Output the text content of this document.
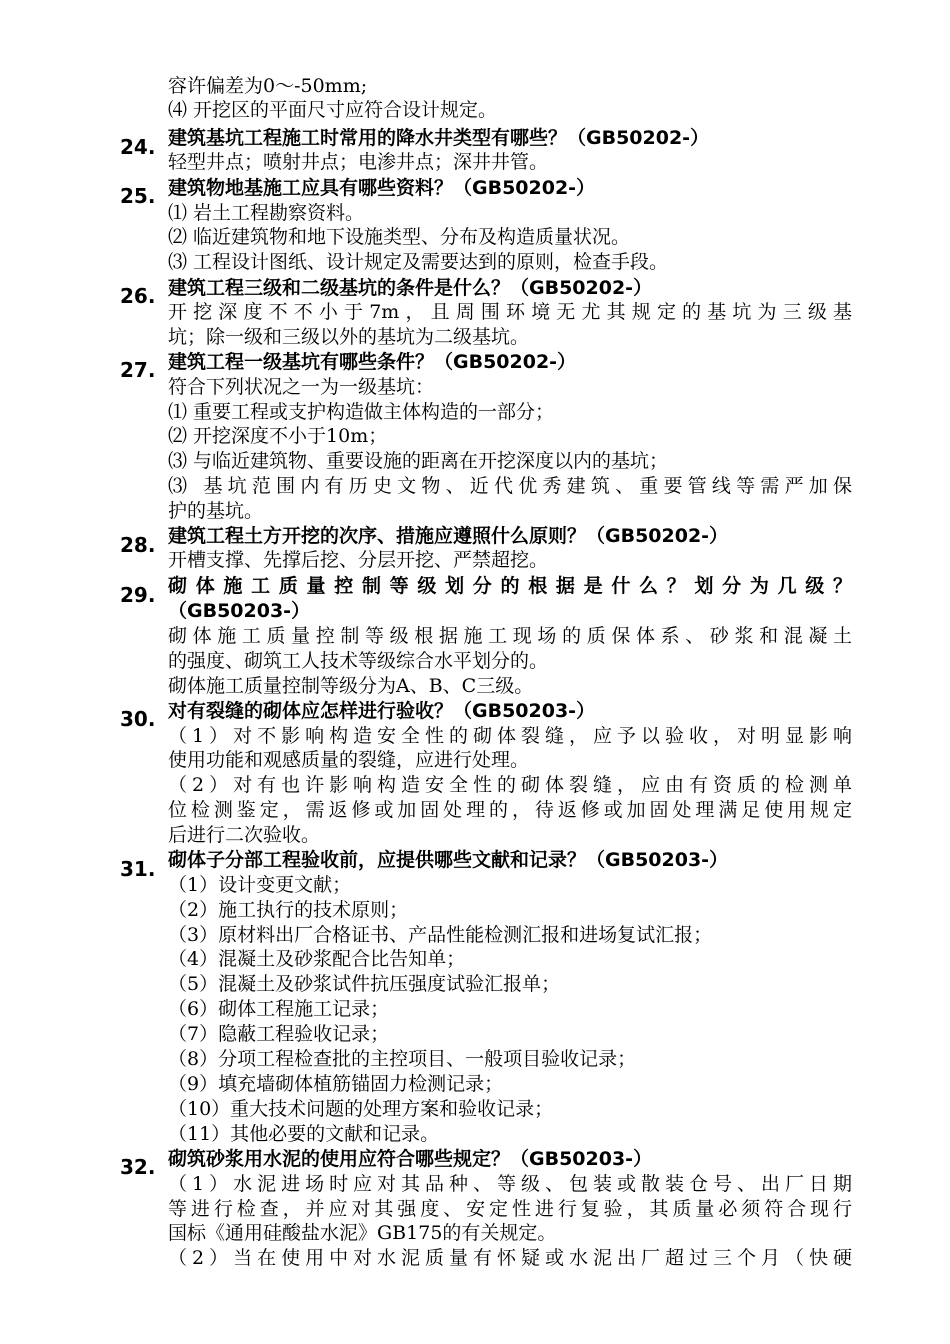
容许偏差为0～-50mm;
⑷ 开挖区的平面尺寸应符合设计规定。
24. 建筑基坑工程施工时常用的降水井类型有哪些？（GB50202-）
轻型井点；喷射井点；电渗井点；深井井管。
25. 建筑物地基施工应具有哪些资料？（GB50202-）
⑴ 岩土工程勘察资料。
⑵ 临近建筑物和地下设施类型、分布及构造质量状况。
⑶ 工程设计图纸、设计规定及需要达到的原则，检查手段。
26. 建筑工程三级和二级基坑的条件是什么？（GB50202-）
开挖深度不不小于7m，且周围环境无尤其规定的基坑为三级基
坑；除一级和三级以外的基坑为二级基坑。
27. 建筑工程一级基坑有哪些条件？（GB50202-）
符合下列状况之一为一级基坑：
⑴ 重要工程或支护构造做主体构造的一部分；
⑵ 开挖深度不小于10m；
⑶ 与临近建筑物、重要设施的距离在开挖深度以内的基坑；
⑶ 基坑范围内有历史文物、近代优秀建筑、重要管线等需严加保
护的基坑。
28. 建筑工程土方开挖的次序、措施应遵照什么原则？（GB50202-）
开槽支撑、先撑后挖、分层开挖、严禁超挖。
29. 砌体施工质量控制等级划分的根据是什么？划分为几级？
（GB50203-）
砌体施工质量控制等级根据施工现场的质保体系、砂浆和混凝土
的强度、砌筑工人技术等级综合水平划分的。
砌体施工质量控制等级分为A、B、C三级。
30. 对有裂缝的砌体应怎样进行验收？（GB50203-）
（1）对不影响构造安全性的砌体裂缝，应予以验收，对明显影响
使用功能和观感质量的裂缝，应进行处理。
（2）对有也许影响构造安全性的砌体裂缝，应由有资质的检测单
位检测鉴定，需返修或加固处理的，待返修或加固处理满足使用规定
后进行二次验收。
31. 砌体子分部工程验收前，应提供哪些文献和记录？（GB50203-）
（1）设计变更文献；
（2）施工执行的技术原则；
（3）原材料出厂合格证书、产品性能检测汇报和进场复试汇报；
（4）混凝土及砂浆配合比告知单；
（5）混凝土及砂浆试件抗压强度试验汇报单；
（6）砌体工程施工记录；
（7）隐蔽工程验收记录；
（8）分项工程检查批的主控项目、一般项目验收记录；
（9）填充墙砌体植筋锚固力检测记录；
（10）重大技术问题的处理方案和验收记录；
（11）其他必要的文献和记录。
32. 砌筑砂浆用水泥的使用应符合哪些规定？（GB50203-）
（1）水泥进场时应对其品种、等级、包装或散装仓号、出厂日期
等进行检查，并应对其强度、安定性进行复验，其质量必须符合现行
国标《通用硅酸盐水泥》GB175的有关规定。
（2）当在使用中对水泥质量有怀疑或水泥出厂超过三个月（快硬
